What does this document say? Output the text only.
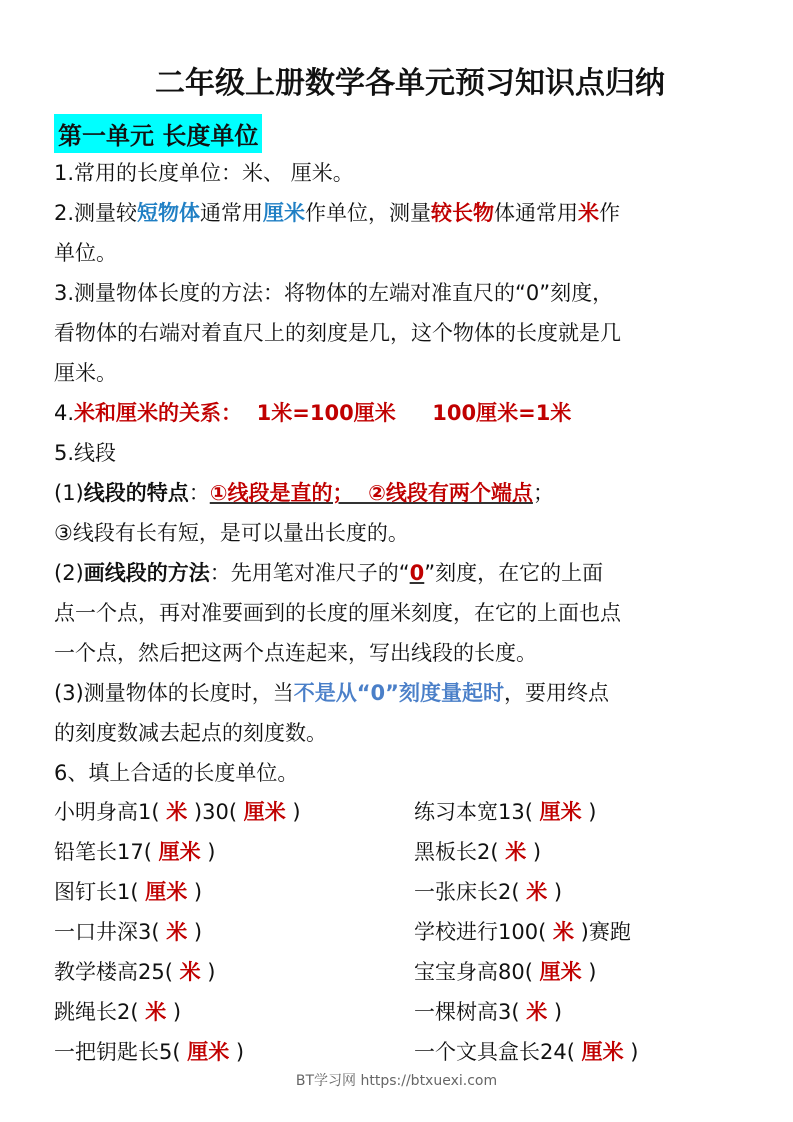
二年级上册数学各单元预习知识点归纳
第一单元 长度单位
1.常用的长度单位：米、 厘米。
2.测量较短物体通常用厘米作单位，测量较长物体通常用米作
单位。
3.测量物体长度的方法：将物体的左端对准直尺的“0”刻度，
看物体的右端对着直尺上的刻度是几，这个物体的长度就是几
厘米。
4.米和厘米的关系：  1米=100厘米     100厘米=1米
5.线段
(1)线段的特点：①线段是直的；  ②线段有两个端点；
③线段有长有短，是可以量出长度的。
(2)画线段的方法：先用笔对准尺子的“0”刻度，在它的上面
点一个点，再对准要画到的长度的厘米刻度，在它的上面也点
一个点，然后把这两个点连起来，写出线段的长度。
(3)测量物体的长度时，当不是从“0”刻度量起时，要用终点
的刻度数减去起点的刻度数。
6、填上合适的长度单位。
小明身高1( 米 )30( 厘米 )
铅笔长17( 厘米 )
图钉长1( 厘米 )
一口井深3( 米 )
教学楼高25( 米 )
跳绳长2( 米 )
一把钥匙长5( 厘米 )
练习本宽13( 厘米 )
黑板长2( 米 )
一张床长2( 米 )
学校进行100( 米 )赛跑
宝宝身高80( 厘米 )
一棵树高3( 米 )
一个文具盒长24( 厘米 )
BT学习网 https://btxuexi.com
